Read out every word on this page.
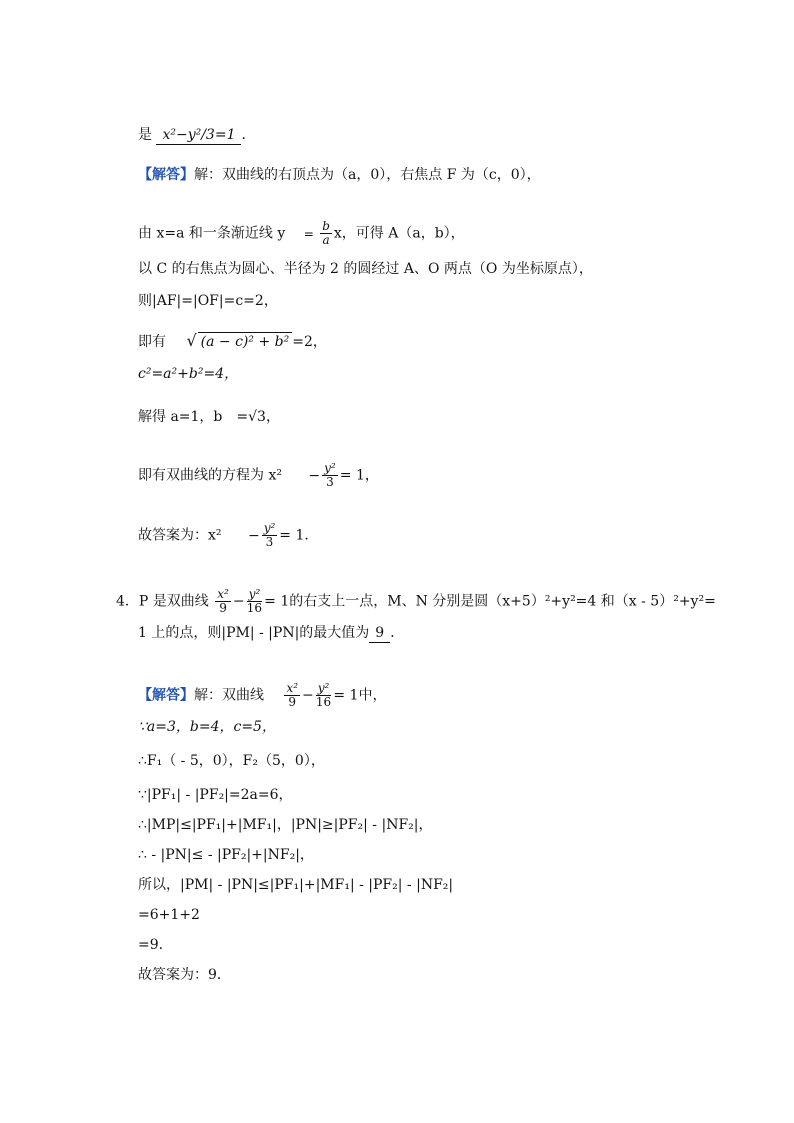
是 x²−y²/3=1 ．
【解答】解：双曲线的右顶点为（a，0），右焦点 F 为（c，0），
由 x=a 和一条渐近线 $y = \frac{b}{a}$ x，可得 A（a，b），
以 C 的右焦点为圆心、半径为 2 的圆经过 A、O 两点（O 为坐标原点），
则|AF|=|OF|=c=2，
即有 √ (a − c)² + b² =2，
c²=a²+b²=4，
解得 a=1，b =√3，
即有双曲线的方程为 $x^2 - \frac{\text{y²}}{3} = 1$，
故答案为：$x^2 - \frac{\text{y²}}{3} = 1$．
4．P 是双曲线 $\frac{\text{x²}}{9} - \frac{\text{y²}}{16} = 1$的右支上一点，M、N 分别是圆（x+5）²+y²=4 和（x - 5）²+y²=
1 上的点，则|PM| - |PN|的最大值为 9 ．
【解答】解：双曲线 $\frac{\text{x²}}{9} - \frac{\text{y²}}{16} = 1$中，
∵a=3，b=4，c=5，
∴F₁（ - 5，0），F₂（5，0），
∵|PF₁| - |PF₂|=2a=6，
∴|MP|≤|PF₁|+|MF₁|，|PN|≥|PF₂| - |NF₂|，
∴ - |PN|≤ - |PF₂|+|NF₂|，
所以，|PM| - |PN|≤|PF₁|+|MF₁| - |PF₂| - |NF₂|
=6+1+2
=9．
故答案为：9．
